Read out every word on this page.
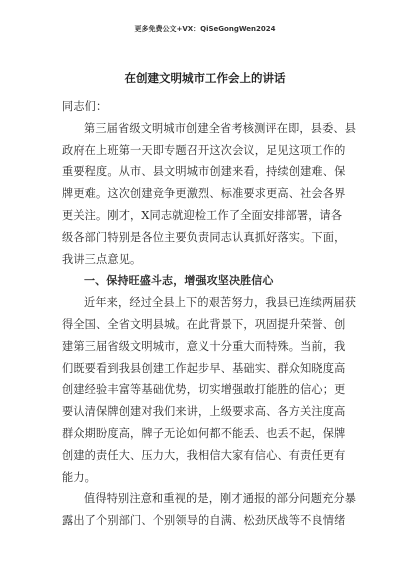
更多免费公文+VX：QiSeGongWen2024
在创建文明城市工作会上的讲话
同志们：
第三届省级文明城市创建全省考核测评在即，县委、县
政府在上班第一天即专题召开这次会议，足见这项工作的
重要程度。从市、县文明城市创建来看，持续创建难、保
牌更难。这次创建竞争更激烈、标准要求更高、社会各界
更关注。刚才，X同志就迎检工作了全面安排部署，请各
级各部门特别是各位主要负责同志认真抓好落实。下面，
我讲三点意见。
一、保持旺盛斗志，增强攻坚决胜信心
近年来，经过全县上下的艰苦努力，我县已连续两届获
得全国、全省文明县城。在此背景下，巩固提升荣誉、创
建第三届省级文明城市，意义十分重大而特殊。当前，我
们既要看到我县创建工作起步早、基础实、群众知晓度高
创建经验丰富等基础优势，切实增强敢打能胜的信心；更
要认清保牌创建对我们来讲，上级要求高、各方关注度高
群众期盼度高，牌子无论如何都不能丢、也丢不起，保牌
创建的责任大、压力大，我相信大家有信心、有责任更有
能力。
值得特别注意和重视的是，刚才通报的部分问题充分暴
露出了个别部门、个别领导的自满、松劲厌战等不良情绪
